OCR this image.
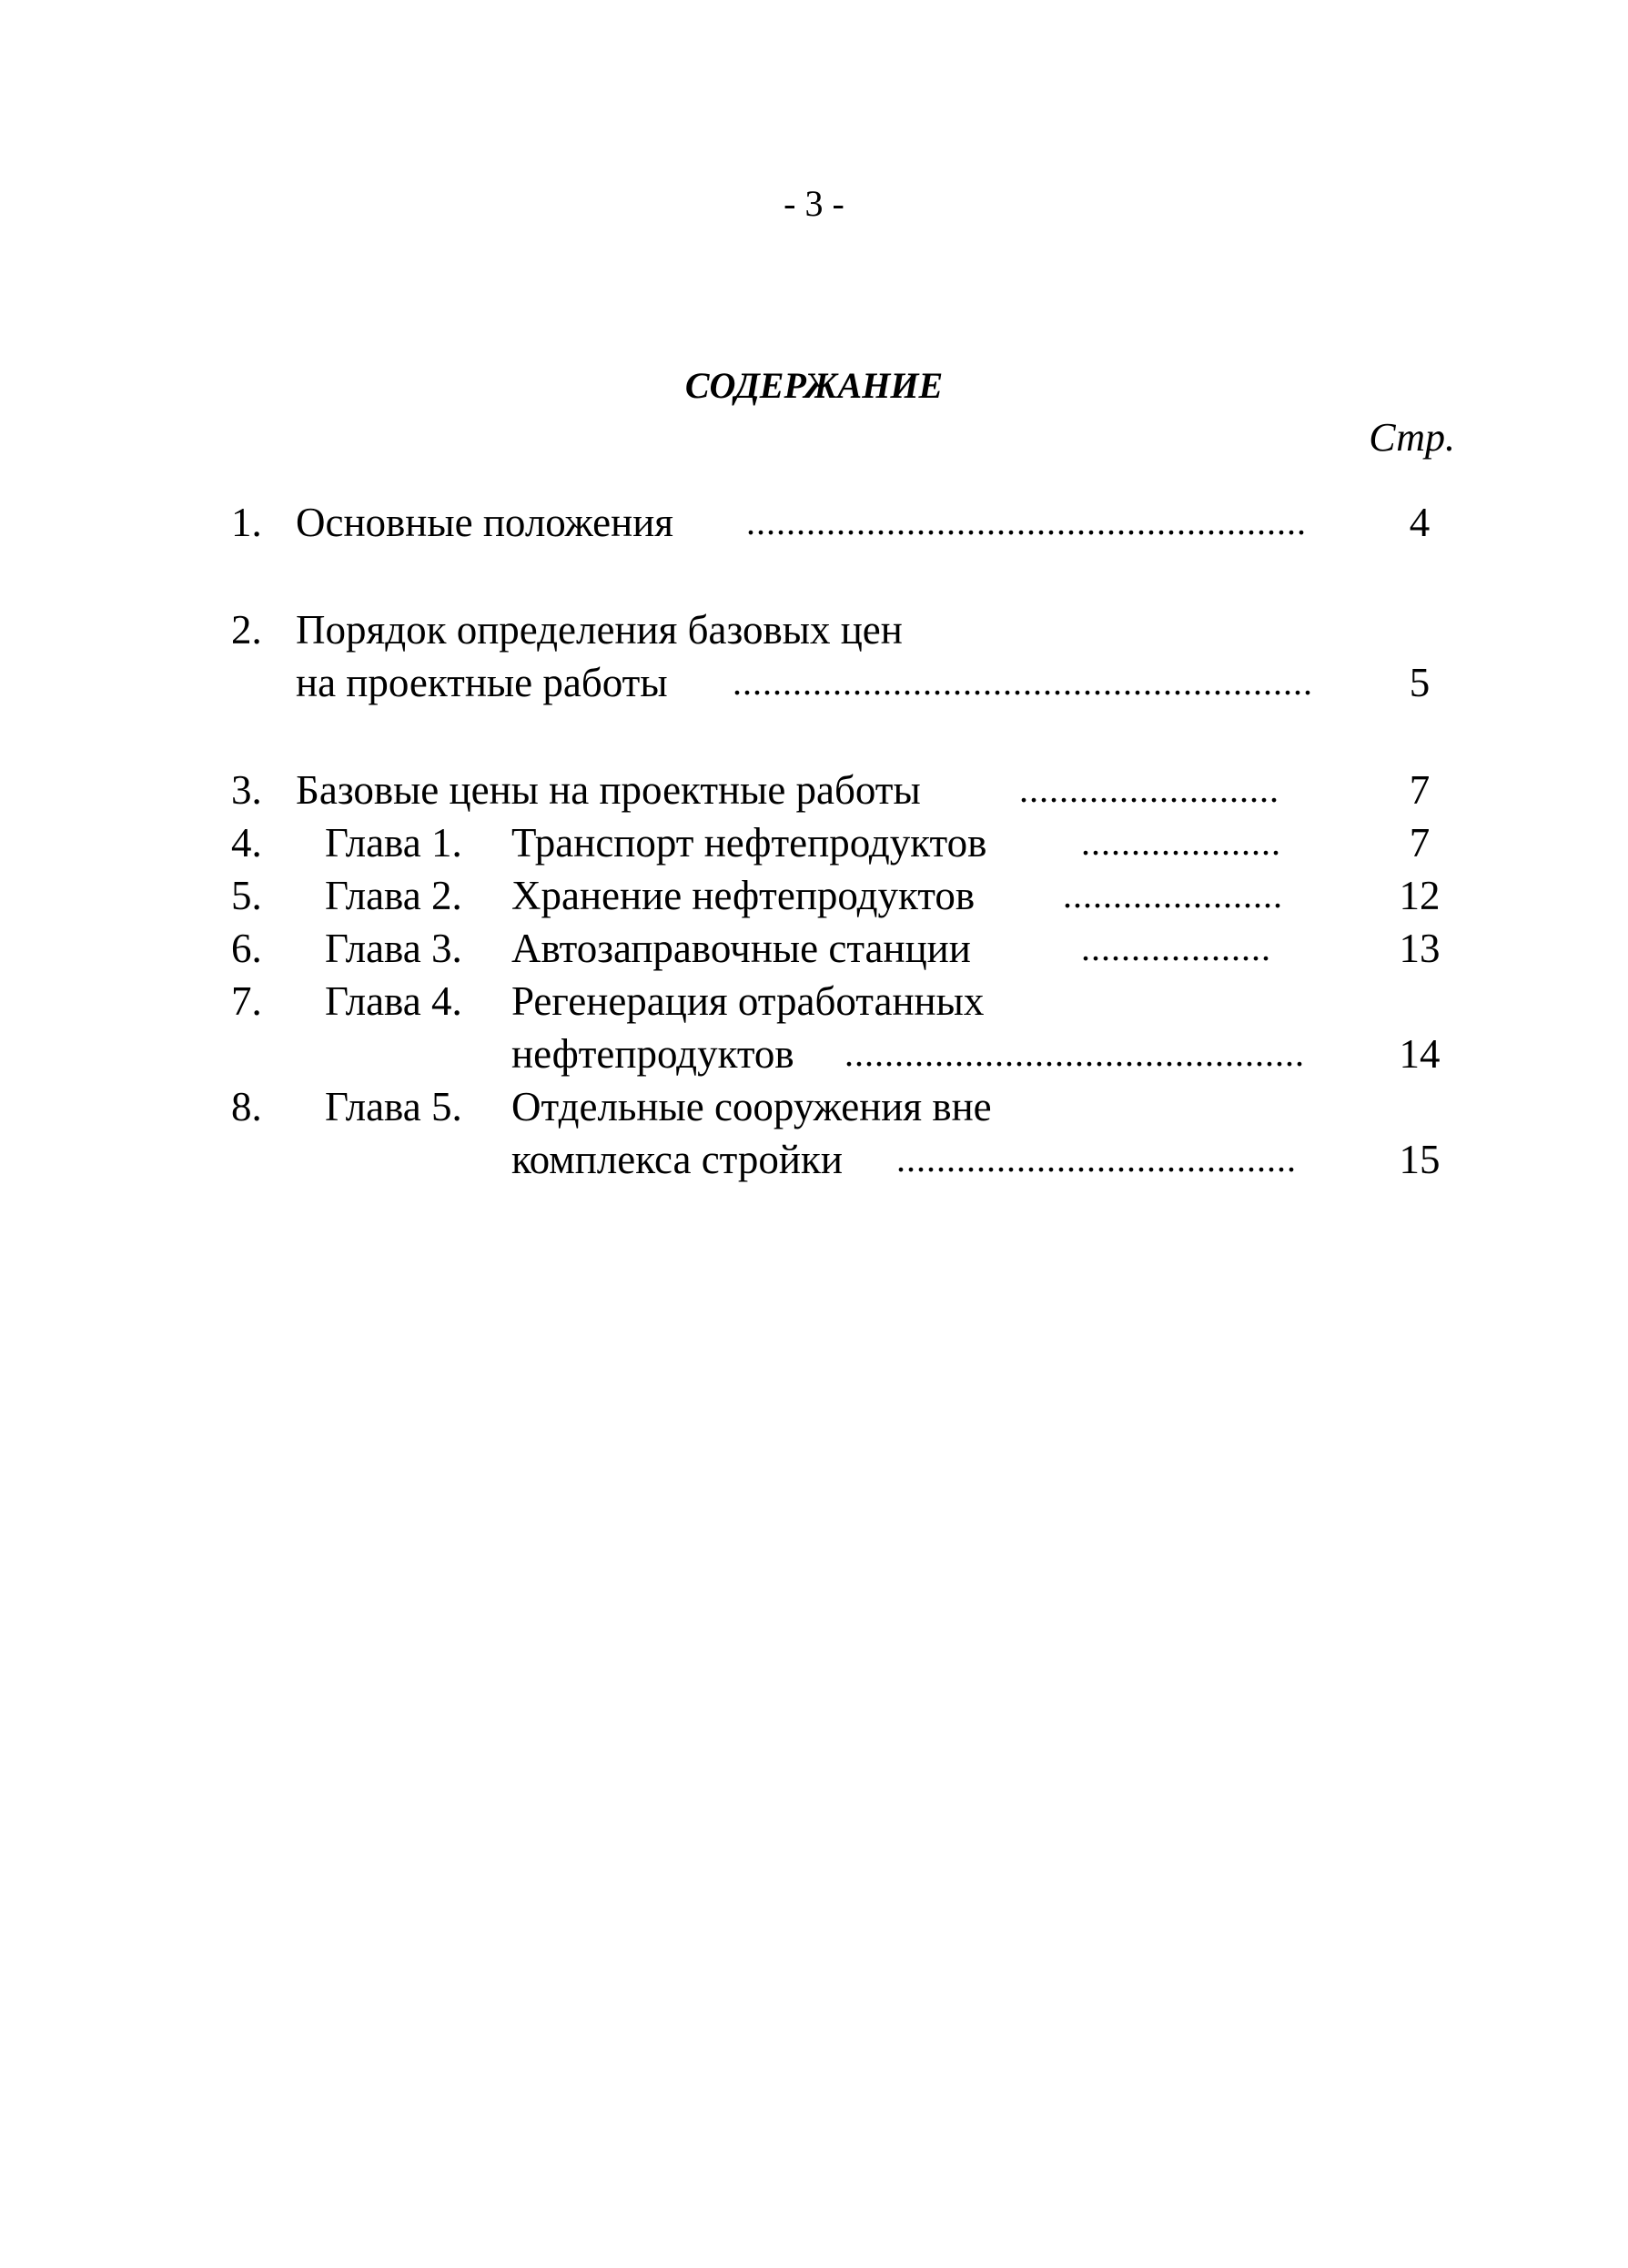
- 3 -
СОДЕРЖАНИЕ
Стр.
1. Основные положения ........................................................	4
2. Порядок определения базовых цен
на проектные работы ..........................................................	5
3. Базовые цены на проектные работы	..........................	7
4.	Глава 1.	Транспорт нефтепродуктов	....................	7
5.	Глава 2.	Хранение нефтепродуктов ......................	12
6.	Глава 3.	Автозаправочные станции	...................	13
7.	Глава 4.	Регенерация отработанных
нефтепродуктов ..............................................	14
8.	Глава 5.	Отдельные сооружения вне
комплекса стройки ........................................	15
